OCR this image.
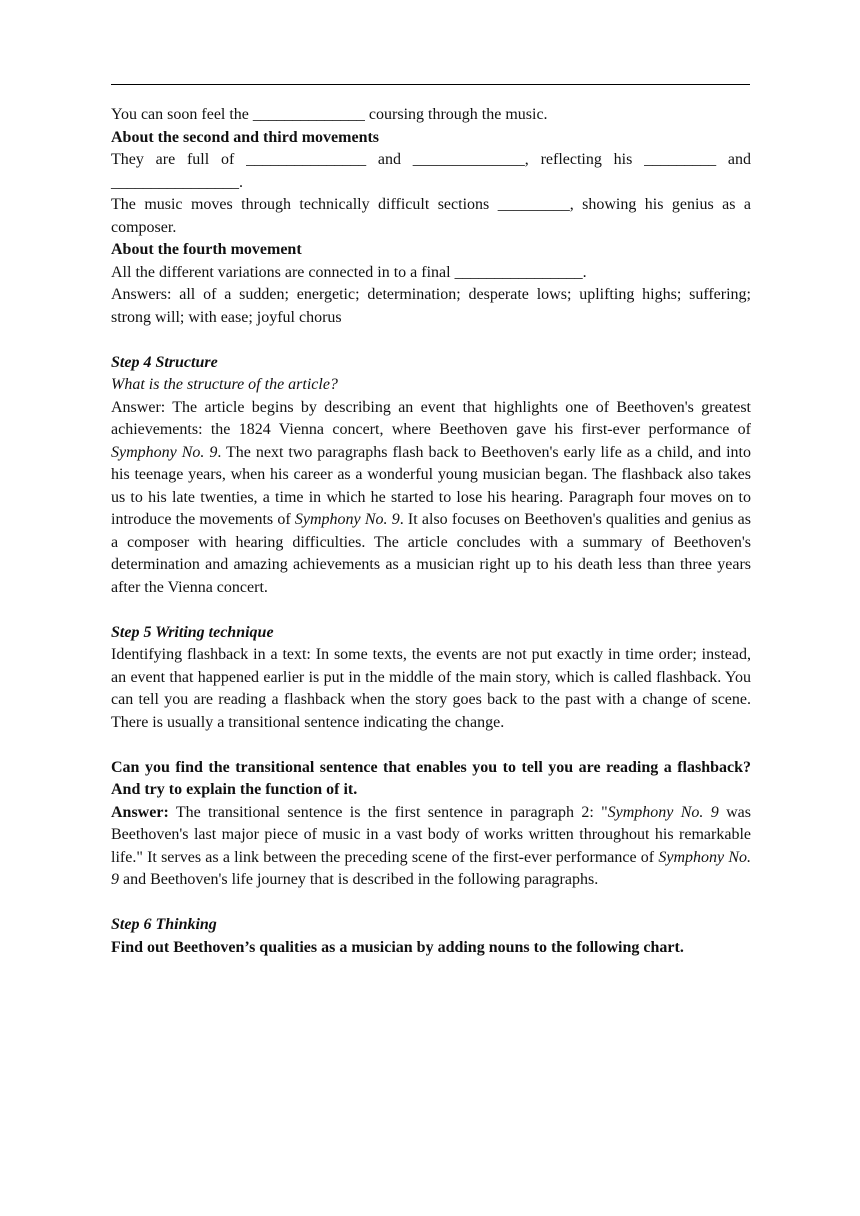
You can soon feel the ______________ coursing through the music.

About the second and third movements

They are full of _______________ and ______________, reflecting his _________ and ________________.

The music moves through technically difficult sections _________, showing his genius as a composer.

About the fourth movement

All the different variations are connected in to a final ________________.

Answers: all of a sudden; energetic; determination; desperate lows; uplifting highs; suffering; strong will; with ease; joyful chorus

Step 4 Structure

What is the structure of the article?

Answer: The article begins by describing an event that highlights one of Beethoven's greatest achievements: the 1824 Vienna concert, where Beethoven gave his first-ever performance of Symphony No. 9. The next two paragraphs flash back to Beethoven's early life as a child, and into his teenage years, when his career as a wonderful young musician began. The flashback also takes us to his late twenties, a time in which he started to lose his hearing. Paragraph four moves on to introduce the movements of Symphony No. 9. It also focuses on Beethoven's qualities and genius as a composer with hearing difficulties. The article concludes with a summary of Beethoven's determination and amazing achievements as a musician right up to his death less than three years after the Vienna concert.

Step 5 Writing technique

Identifying flashback in a text: In some texts, the events are not put exactly in time order; instead, an event that happened earlier is put in the middle of the main story, which is called flashback. You can tell you are reading a flashback when the story goes back to the past with a change of scene. There is usually a transitional sentence indicating the change.

Can you find the transitional sentence that enables you to tell you are reading a flashback?　And try to explain the function of it.

Answer: The transitional sentence is the first sentence in paragraph 2: "Symphony No. 9 was Beethoven's last major piece of music in a vast body of works written throughout his remarkable life." It serves as a link between the preceding scene of the first-ever performance of Symphony No. 9 and Beethoven's life journey that is described in the following paragraphs.

Step 6 Thinking

Find out Beethoven’s qualities as a musician by adding nouns to the following chart.
